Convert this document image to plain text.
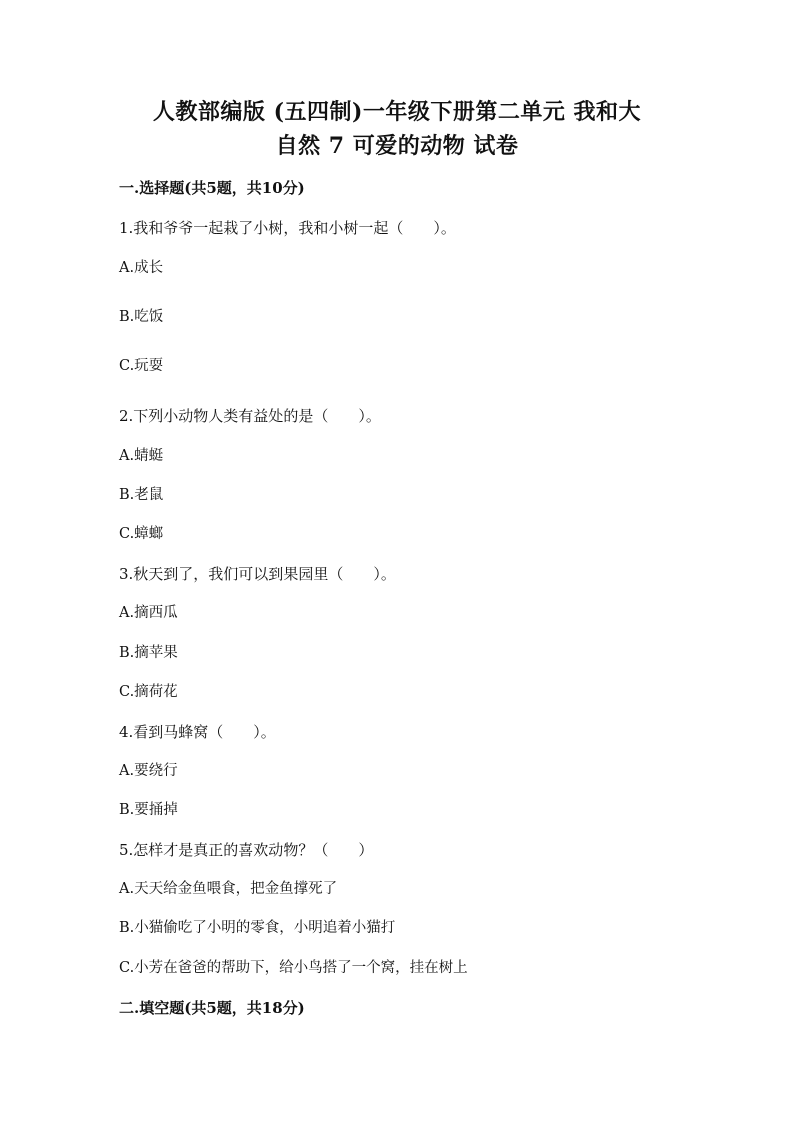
人教部编版 (五四制)一年级下册第二单元 我和大
自然 7 可爱的动物 试卷
一.选择题(共5题，共10分)
1.我和爷爷一起栽了小树，我和小树一起（　　）。
A.成长
B.吃饭
C.玩耍
2.下列小动物人类有益处的是（　　）。
A.蜻蜓
B.老鼠
C.蟑螂
3.秋天到了，我们可以到果园里（　　）。
A.摘西瓜
B.摘苹果
C.摘荷花
4.看到马蜂窝（　　）。
A.要绕行
B.要捅掉
5.怎样才是真正的喜欢动物？（　　）
A.天天给金鱼喂食，把金鱼撑死了
B.小猫偷吃了小明的零食，小明追着小猫打
C.小芳在爸爸的帮助下，给小鸟搭了一个窝，挂在树上
二.填空题(共5题，共18分)
